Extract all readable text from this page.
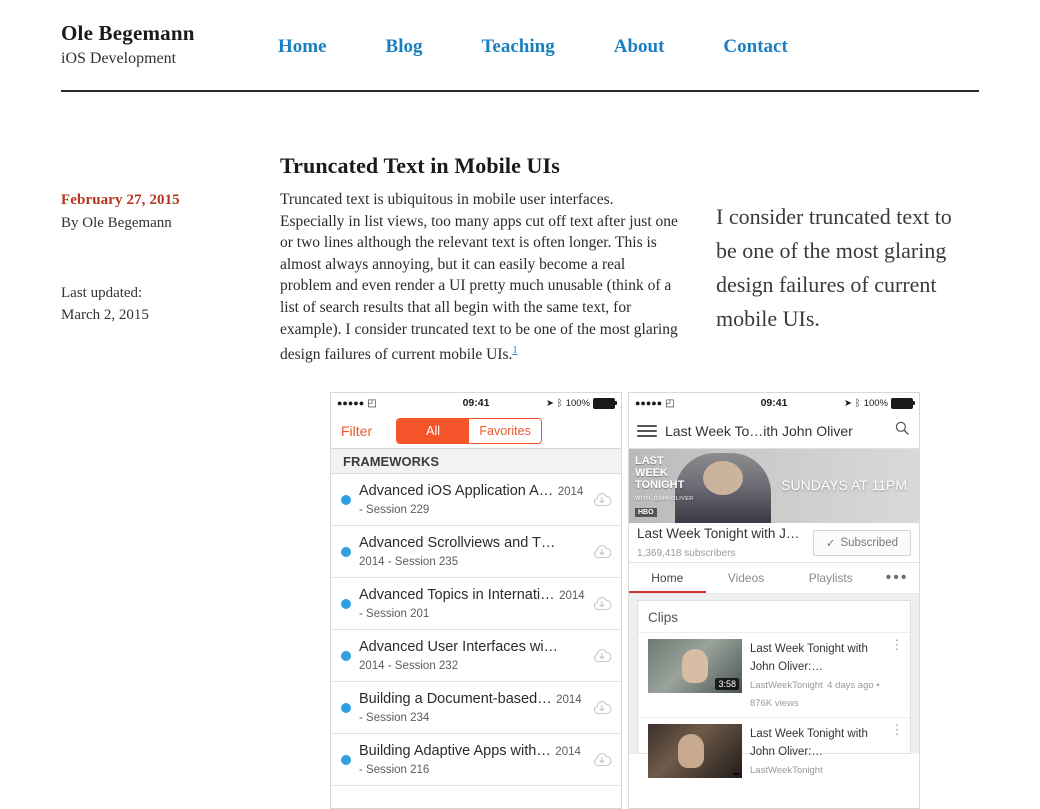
Ole Begemann
iOS Development
Home	Blog	Teaching	About	Contact
February 27, 2015
By Ole Begemann
Last updated:
March 2, 2015
Truncated Text in Mobile UIs
Truncated text is ubiquitous in mobile user interfaces. Especially in list views, too many apps cut off text after just one or two lines although the relevant text is often longer. This is almost always annoying, but it can easily become a real problem and even render a UI pretty much unusable (think of a list of search results that all begin with the same text, for example). I consider truncated text to be one of the most glaring design failures of current mobile UIs.$^1$
I consider truncated text to be one of the most glaring design failures of current mobile UIs.
●●●●● ◰	09:41	➤ ᛒ 100%
Filter	All	Favorites
FRAMEWORKS
Advanced iOS Application A… 2014 - Session 229
Advanced Scrollviews and T… 2014 - Session 235
Advanced Topics in Internati… 2014 - Session 201
Advanced User Interfaces wi… 2014 - Session 232
Building a Document-based… 2014 - Session 234
Building Adaptive Apps with… 2014 - Session 216
●●●●● ◰	09:41	➤ ᛒ 100%
Last Week To…ith John Oliver
LAST
WEEK
TONIGHT
WITH JOHN OLIVER
SUNDAYS AT 11PM
HBO
Last Week Tonight with J… 1,369,418 subscribers
✓ Subscribed
Home	Videos	Playlists	•••
Clips
3:58
Last Week Tonight with John Oliver:… LastWeekTonight 4 days ago • 876K views
⋮
Last Week Tonight with John Oliver:… LastWeekTonight
⋮
